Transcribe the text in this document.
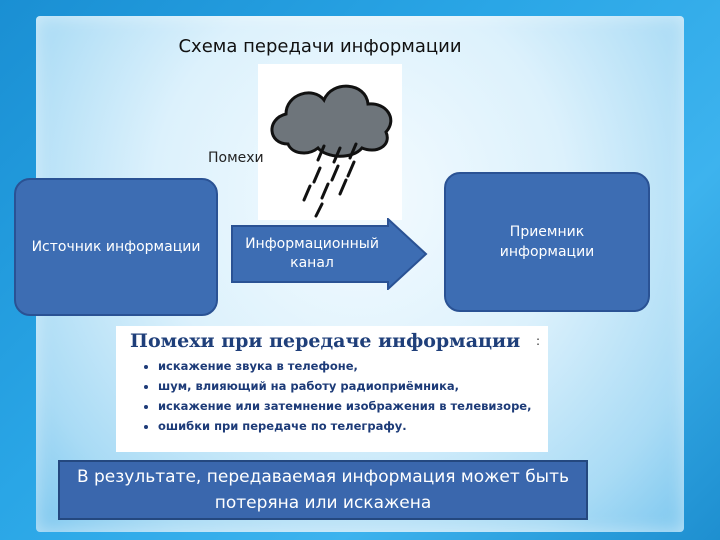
Схема передачи информации
Помехи
Источник информации	Информационный канал
Приемник информации
Помехи при передаче информации
• искажение звука в телефоне,
• шум, влияющий на работу радиоприёмника,
• искажение или затемнение изображения в телевизоре,
• ошибки при передаче по телеграфу.
:
В результате, передаваемая информация может быть потеряна или искажена
